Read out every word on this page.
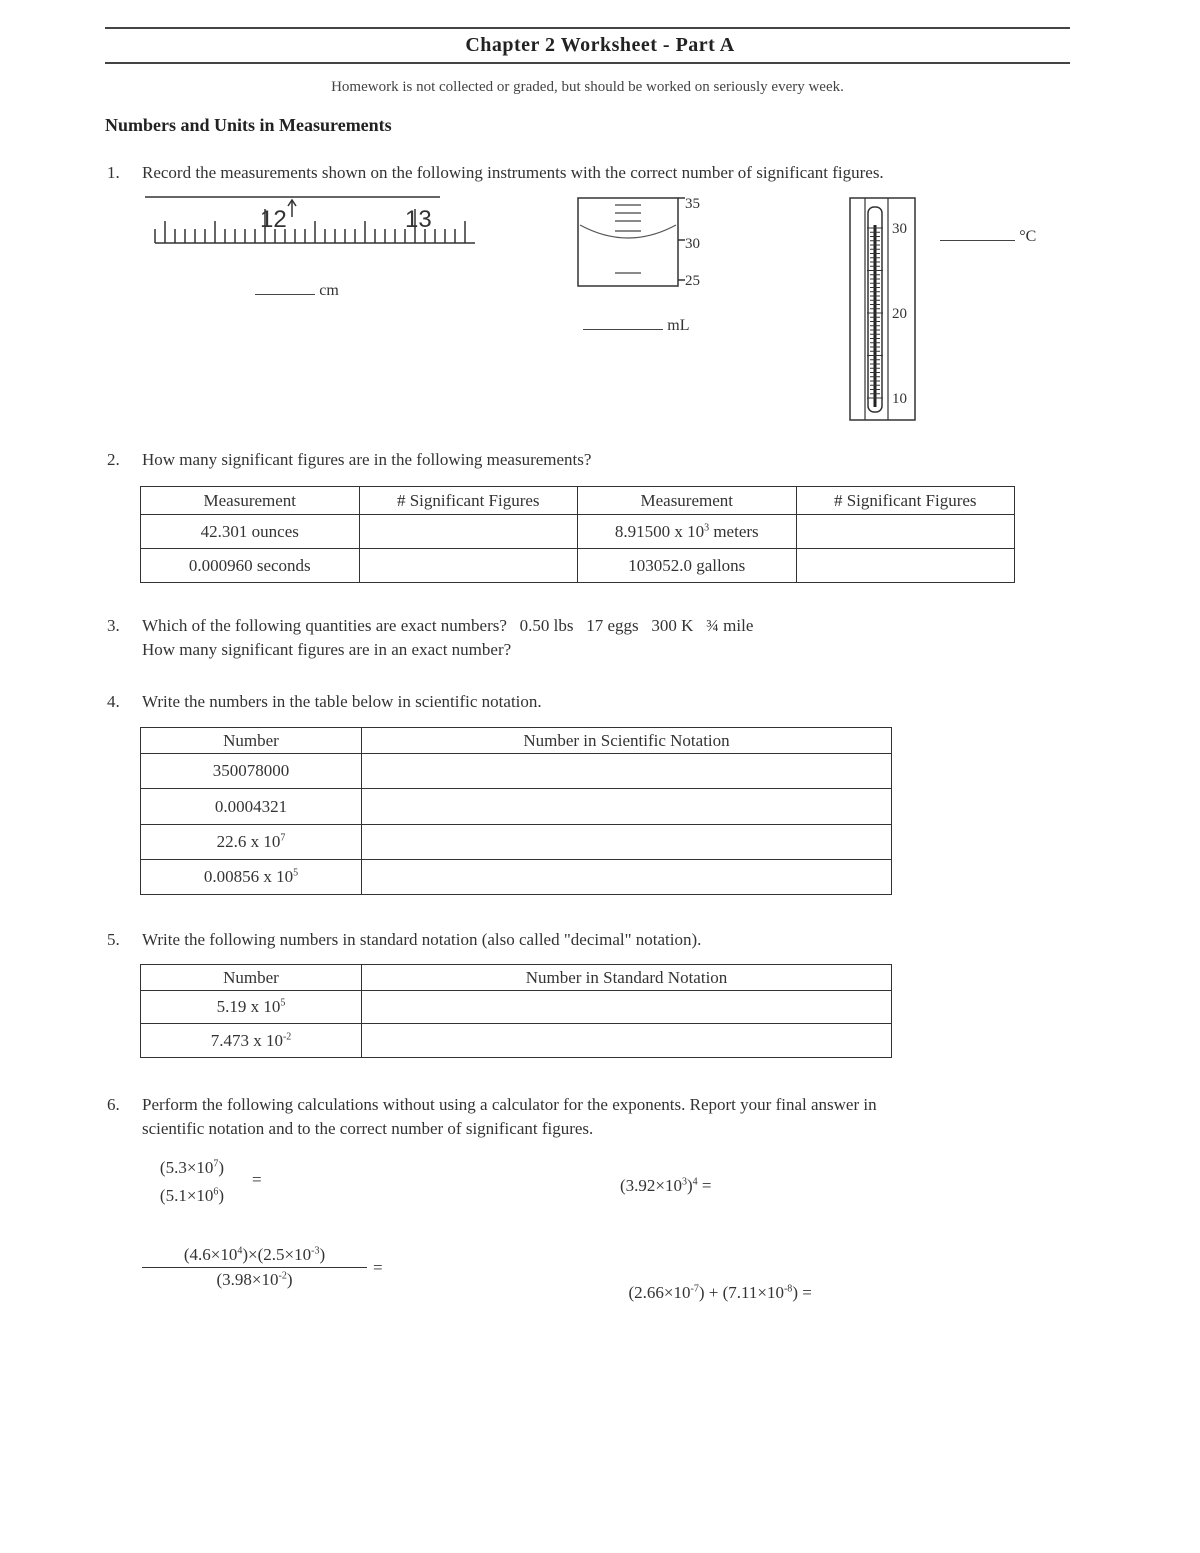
Chapter 2 Worksheet - Part A
Homework is not collected or graded, but should be worked on seriously every week.
Numbers and Units in Measurements
1.	Record the measurements shown on the following instruments with the correct number of significant figures.
12	13
cm
35
30
25
mL
30
20
10
°C
2.	How many significant figures are in the following measurements?
Measurement	# Significant Figures	Measurement	# Significant Figures
42.301 ounces		8.91500 x $10^3$ meters	
0.000960 seconds		103052.0 gallons	
3.	Which of the following quantities are exact numbers?   0.50 lbs   17 eggs   300 K   ¾ mile
How many significant figures are in an exact number?
4.	Write the numbers in the table below in scientific notation.
Number	Number in Scientific Notation
350078000	
0.0004321	
22.6 x $10^7$	
0.00856 x $10^5$	
5.	Write the following numbers in standard notation (also called "decimal" notation).
Number	Number in Standard Notation
5.19 x $10^5$	
7.473 x $10^{-2}$	
6.	Perform the following calculations without using a calculator for the exponents. Report your final answer in
scientific notation and to the correct number of significant figures.
$(5.3\times 10^7)$
$(5.1\times 10^6)$
=	$(3.92\times 10^3)^4$ =
$(4.6\times 10^4)\times(2.5\times 10^{-3})$
$(3.98\times 10^{-2})$
=

$(2.66\times 10^{-7}) + (7.11\times 10^{-8})$ =
